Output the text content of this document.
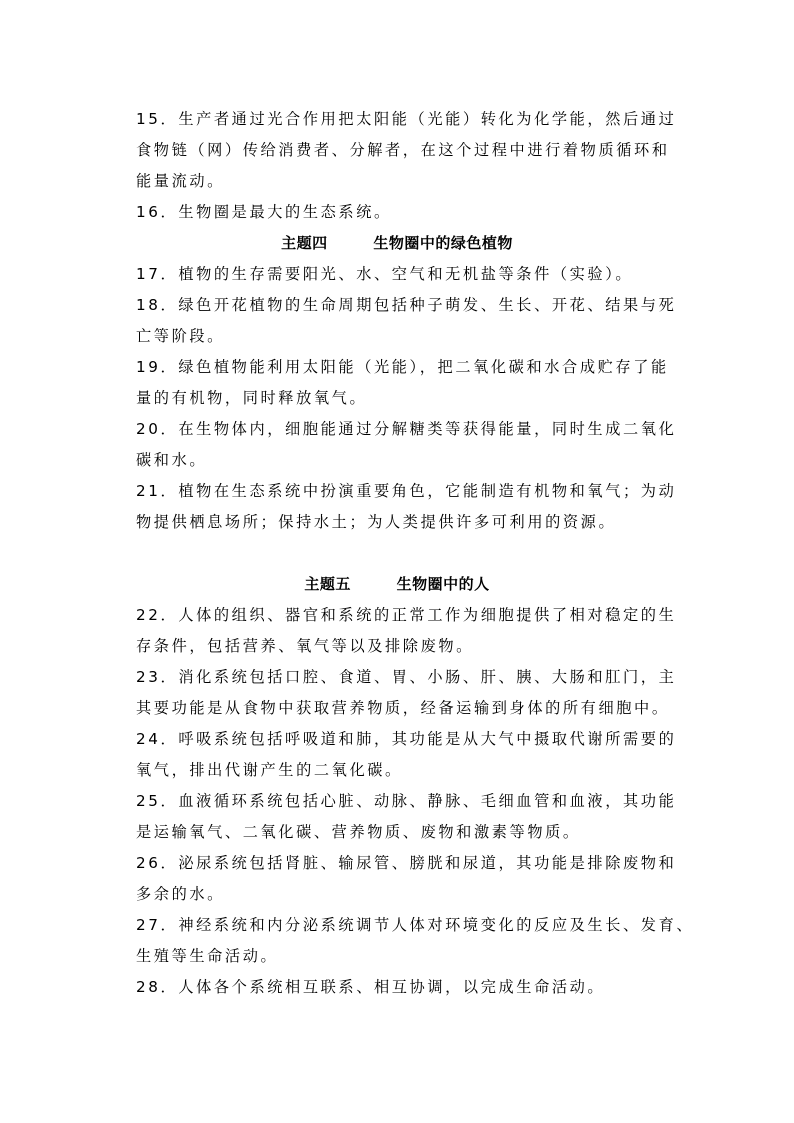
15．生产者通过光合作用把太阳能（光能）转化为化学能，然后通过
食物链（网）传给消费者、分解者，在这个过程中进行着物质循环和
能量流动。
16．生物圈是最大的生态系统。
主题四        生物圈中的绿色植物
17．植物的生存需要阳光、水、空气和无机盐等条件（实验）。
18．绿色开花植物的生命周期包括种子萌发、生长、开花、结果与死
亡等阶段。
19．绿色植物能利用太阳能（光能），把二氧化碳和水合成贮存了能
量的有机物，同时释放氧气。
20．在生物体内，细胞能通过分解糖类等获得能量，同时生成二氧化
碳和水。
21．植物在生态系统中扮演重要角色，它能制造有机物和氧气；为动
物提供栖息场所；保持水土；为人类提供许多可利用的资源。
主题五        生物圈中的人
22．人体的组织、器官和系统的正常工作为细胞提供了相对稳定的生
存条件，包括营养、氧气等以及排除废物。
23．消化系统包括口腔、食道、胃、小肠、肝、胰、大肠和肛门，主
其要功能是从食物中获取营养物质，经备运输到身体的所有细胞中。
24．呼吸系统包括呼吸道和肺，其功能是从大气中摄取代谢所需要的
氧气，排出代谢产生的二氧化碳。
25．血液循环系统包括心脏、动脉、静脉、毛细血管和血液，其功能
是运输氧气、二氧化碳、营养物质、废物和激素等物质。
26．泌尿系统包括肾脏、输尿管、膀胱和尿道，其功能是排除废物和
多余的水。
27．神经系统和内分泌系统调节人体对环境变化的反应及生长、发育、
生殖等生命活动。
28．人体各个系统相互联系、相互协调，以完成生命活动。
